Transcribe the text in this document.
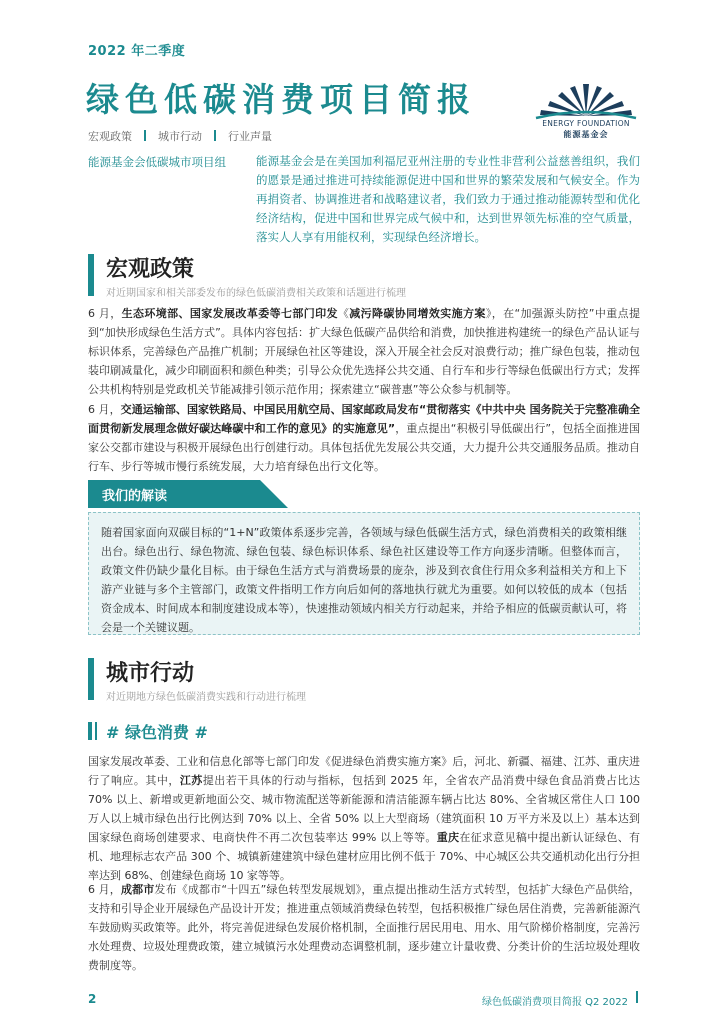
2022 年二季度
绿色低碳消费项目简报
ENERGY FOUNDATION
能源基金会
宏观政策 城市行动 行业声量
能源基金会低碳城市项目组	能源基金会是在美国加利福尼亚州注册的专业性非营利公益慈善组织，我们的愿景是通过推进可持续能源促进中国和世界的繁荣发展和气候安全。作为再捐资者、协调推进者和战略建议者，我们致力于通过推动能源转型和优化经济结构，促进中国和世界完成气候中和，达到世界领先标准的空气质量，落实人人享有用能权利，实现绿色经济增长。
宏观政策
对近期国家和相关部委发布的绿色低碳消费相关政策和话题进行梳理
6 月，生态环境部、国家发展改革委等七部门印发《减污降碳协同增效实施方案》，在“加强源头防控”中重点提到“加快形成绿色生活方式”。具体内容包括：扩大绿色低碳产品供给和消费，加快推进构建统一的绿色产品认证与标识体系，完善绿色产品推广机制；开展绿色社区等建设，深入开展全社会反对浪费行动；推广绿色包装，推动包装印刷减量化，减少印刷面积和颜色种类；引导公众优先选择公共交通、自行车和步行等绿色低碳出行方式；发挥公共机构特别是党政机关节能减排引领示范作用；探索建立“碳普惠”等公众参与机制等。
6 月，交通运输部、国家铁路局、中国民用航空局、国家邮政局发布“贯彻落实《中共中央 国务院关于完整准确全面贯彻新发展理念做好碳达峰碳中和工作的意见》的实施意见”，重点提出“积极引导低碳出行”，包括全面推进国家公交都市建设与积极开展绿色出行创建行动。具体包括优先发展公共交通，大力提升公共交通服务品质。推动自行车、步行等城市慢行系统发展，大力培育绿色出行文化等。
我们的解读
随着国家面向双碳目标的“1+N”政策体系逐步完善，各领域与绿色低碳生活方式，绿色消费相关的政策相继出台。绿色出行、绿色物流、绿色包装、绿色标识体系、绿色社区建设等工作方向逐步清晰。但整体而言，政策文件仍缺少量化目标。由于绿色生活方式与消费场景的庞杂，涉及到衣食住行用众多利益相关方和上下游产业链与多个主管部门，政策文件指明工作方向后如何的落地执行就尤为重要。如何以较低的成本（包括资金成本、时间成本和制度建设成本等），快速推动领域内相关方行动起来，并给予相应的低碳贡献认可，将会是一个关键议题。
城市行动
对近期地方绿色低碳消费实践和行动进行梳理
# 绿色消费 #
国家发展改革委、工业和信息化部等七部门印发《促进绿色消费实施方案》后，河北、新疆、福建、江苏、重庆进行了响应。其中，江苏提出若干具体的行动与指标，包括到 2025 年，全省农产品消费中绿色食品消费占比达 70% 以上、新增或更新地面公交、城市物流配送等新能源和清洁能源车辆占比达 80%、全省城区常住人口 100 万人以上城市绿色出行比例达到 70% 以上、全省 50% 以上大型商场（建筑面积 10 万平方米及以上）基本达到国家绿色商场创建要求、电商快件不再二次包装率达 99% 以上等等。重庆在征求意见稿中提出新认证绿色、有机、地理标志农产品 300 个、城镇新建建筑中绿色建材应用比例不低于 70%、中心城区公共交通机动化出行分担率达到 68%、创建绿色商场 10 家等等。
6 月，成都市发布《成都市“十四五”绿色转型发展规划》，重点提出推动生活方式转型，包括扩大绿色产品供给，支持和引导企业开展绿色产品设计开发；推进重点领域消费绿色转型，包括积极推广绿色居住消费，完善新能源汽车鼓励购买政策等。此外，将完善促进绿色发展价格机制，全面推行居民用电、用水、用气阶梯价格制度，完善污水处理费、垃圾处理费政策，建立城镇污水处理费动态调整机制，逐步建立计量收费、分类计价的生活垃圾处理收费制度等。
2	绿色低碳消费项目简报 Q2 2022
